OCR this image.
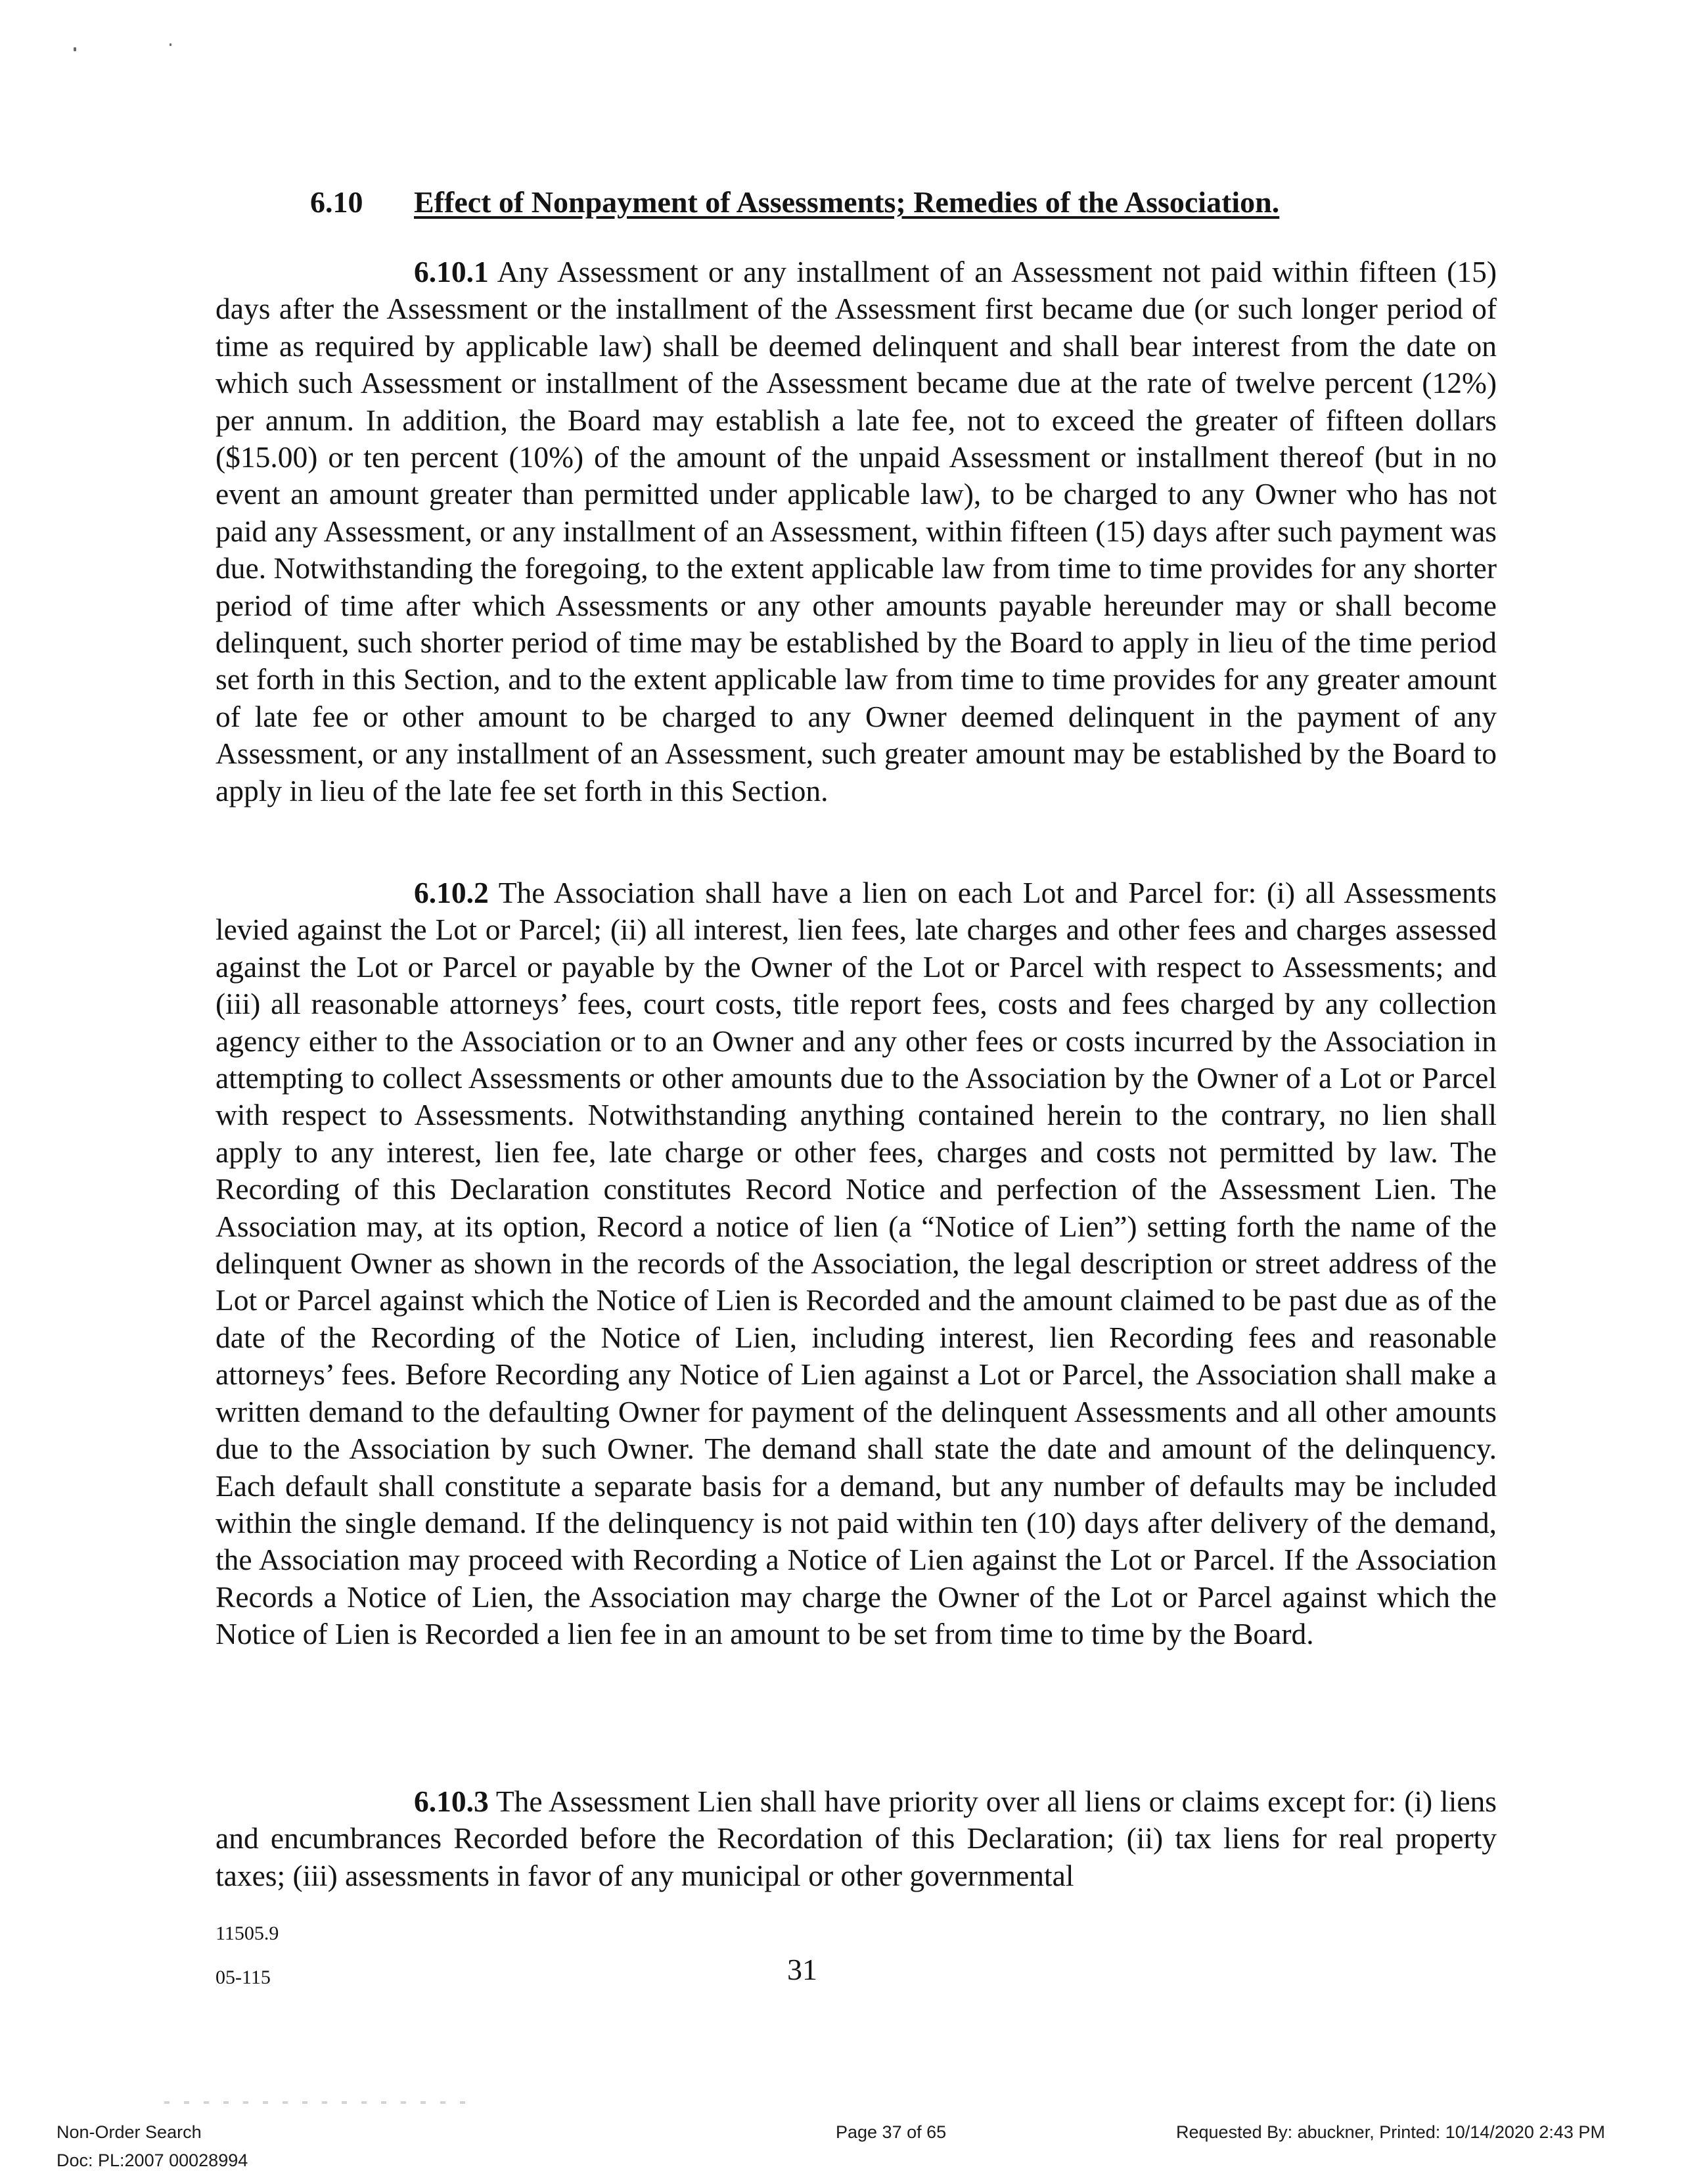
6.10 Effect of Nonpayment of Assessments; Remedies of the Association.

6.10.1 Any Assessment or any installment of an Assessment not paid within fifteen (15) days after the Assessment or the installment of the Assessment first became due (or such longer period of time as required by applicable law) shall be deemed delinquent and shall bear interest from the date on which such Assessment or installment of the Assessment became due at the rate of twelve percent (12%) per annum. In addition, the Board may establish a late fee, not to exceed the greater of fifteen dollars ($15.00) or ten percent (10%) of the amount of the unpaid Assessment or installment thereof (but in no event an amount greater than permitted under applicable law), to be charged to any Owner who has not paid any Assessment, or any installment of an Assessment, within fifteen (15) days after such payment was due. Notwithstanding the foregoing, to the extent applicable law from time to time provides for any shorter period of time after which Assessments or any other amounts payable hereunder may or shall become delinquent, such shorter period of time may be established by the Board to apply in lieu of the time period set forth in this Section, and to the extent applicable law from time to time provides for any greater amount of late fee or other amount to be charged to any Owner deemed delinquent in the payment of any Assessment, or any installment of an Assessment, such greater amount may be established by the Board to apply in lieu of the late fee set forth in this Section.

6.10.2 The Association shall have a lien on each Lot and Parcel for: (i) all Assessments levied against the Lot or Parcel; (ii) all interest, lien fees, late charges and other fees and charges assessed against the Lot or Parcel or payable by the Owner of the Lot or Parcel with respect to Assessments; and (iii) all reasonable attorneys’ fees, court costs, title report fees, costs and fees charged by any collection agency either to the Association or to an Owner and any other fees or costs incurred by the Association in attempting to collect Assessments or other amounts due to the Association by the Owner of a Lot or Parcel with respect to Assessments. Notwithstanding anything contained herein to the contrary, no lien shall apply to any interest, lien fee, late charge or other fees, charges and costs not permitted by law. The Recording of this Declaration constitutes Record Notice and perfection of the Assessment Lien. The Association may, at its option, Record a notice of lien (a “Notice of Lien”) setting forth the name of the delinquent Owner as shown in the records of the Association, the legal description or street address of the Lot or Parcel against which the Notice of Lien is Recorded and the amount claimed to be past due as of the date of the Recording of the Notice of Lien, including interest, lien Recording fees and reasonable attorneys’ fees. Before Recording any Notice of Lien against a Lot or Parcel, the Association shall make a written demand to the defaulting Owner for payment of the delinquent Assessments and all other amounts due to the Association by such Owner. The demand shall state the date and amount of the delinquency. Each default shall constitute a separate basis for a demand, but any number of defaults may be included within the single demand. If the delinquency is not paid within ten (10) days after delivery of the demand, the Association may proceed with Recording a Notice of Lien against the Lot or Parcel. If the Association Records a Notice of Lien, the Association may charge the Owner of the Lot or Parcel against which the Notice of Lien is Recorded a lien fee in an amount to be set from time to time by the Board.

6.10.3 The Assessment Lien shall have priority over all liens or claims except for: (i) liens and encumbrances Recorded before the Recordation of this Declaration; (ii) tax liens for real property taxes; (iii) assessments in favor of any municipal or other governmental

11505.9
05-115	31
Non-Order Search
Doc: PL:2007 00028994
Page 37 of 65	Requested By: abuckner, Printed: 10/14/2020 2:43 PM
